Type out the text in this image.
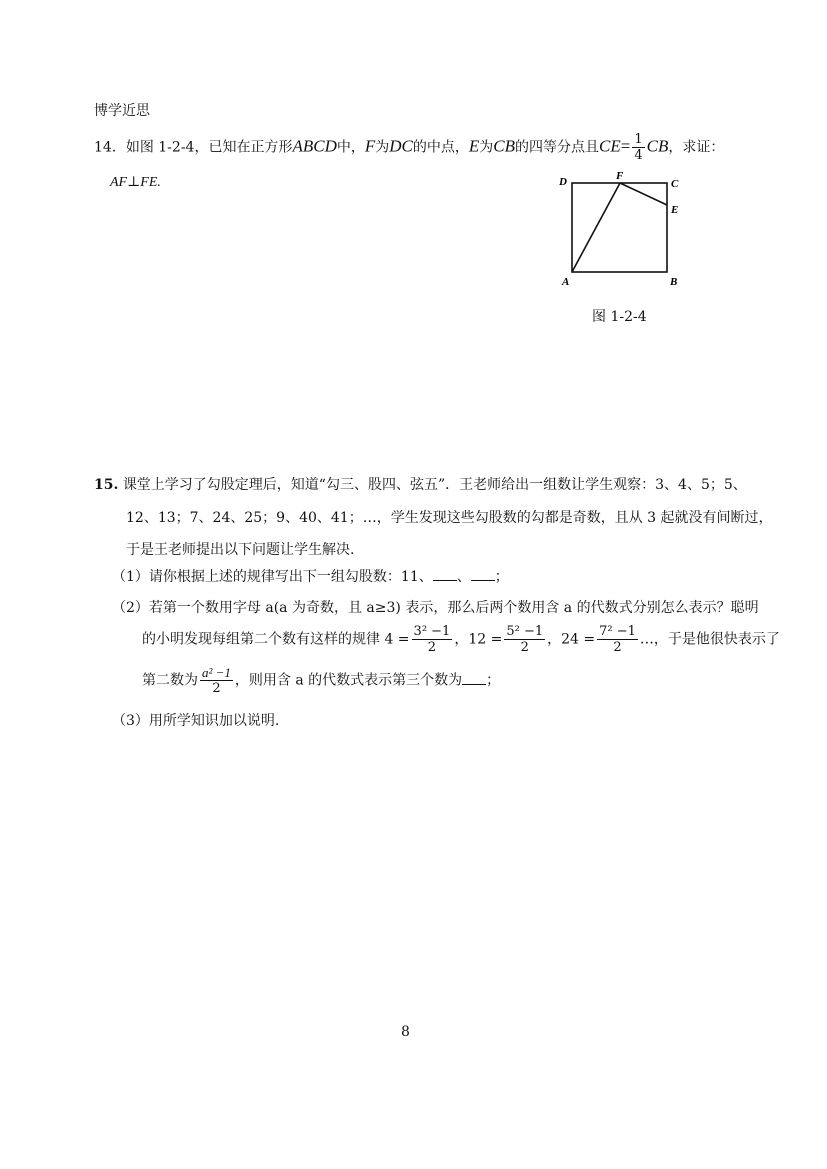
博学近思
14．如图 1-2-4，已知在正方形ABCD中，F为DC的中点，E为CB的四等分点且$CE= \frac{1}{4}$ CB，求证：
AF⊥FE.	D	F
C
E
A	B
图 1-2-4
15. 课堂上学习了勾股定理后，知道“勾三、股四、弦五”．王老师给出一组数让学生观察：3、4、5；5、
12、13；7、24、25；9、40、41；…，学生发现这些勾股数的勾都是奇数，且从 3 起就没有间断过，
于是王老师提出以下问题让学生解决.
（1）请你根据上述的规律写出下一组勾股数：11、 、 ；
（2）若第一个数用字母 a(a 为奇数，且 a≥3) 表示，那么后两个数用含 a 的代数式分别怎么表示？聪明
的小明发现每组第二个数有这样的规律 $4 = \frac{\text{3² −1}}{2}$ ，$12 = \frac{\text{5² −1}}{2}$ ，$24 = \frac{\text{7² −1}}{2}$ …，于是他很快表示了
第二数为 $\frac{\text{a² −1}}{2}$ ，则用含 a 的代数式表示第三个数为 ；
（3）用所学知识加以说明.
8
